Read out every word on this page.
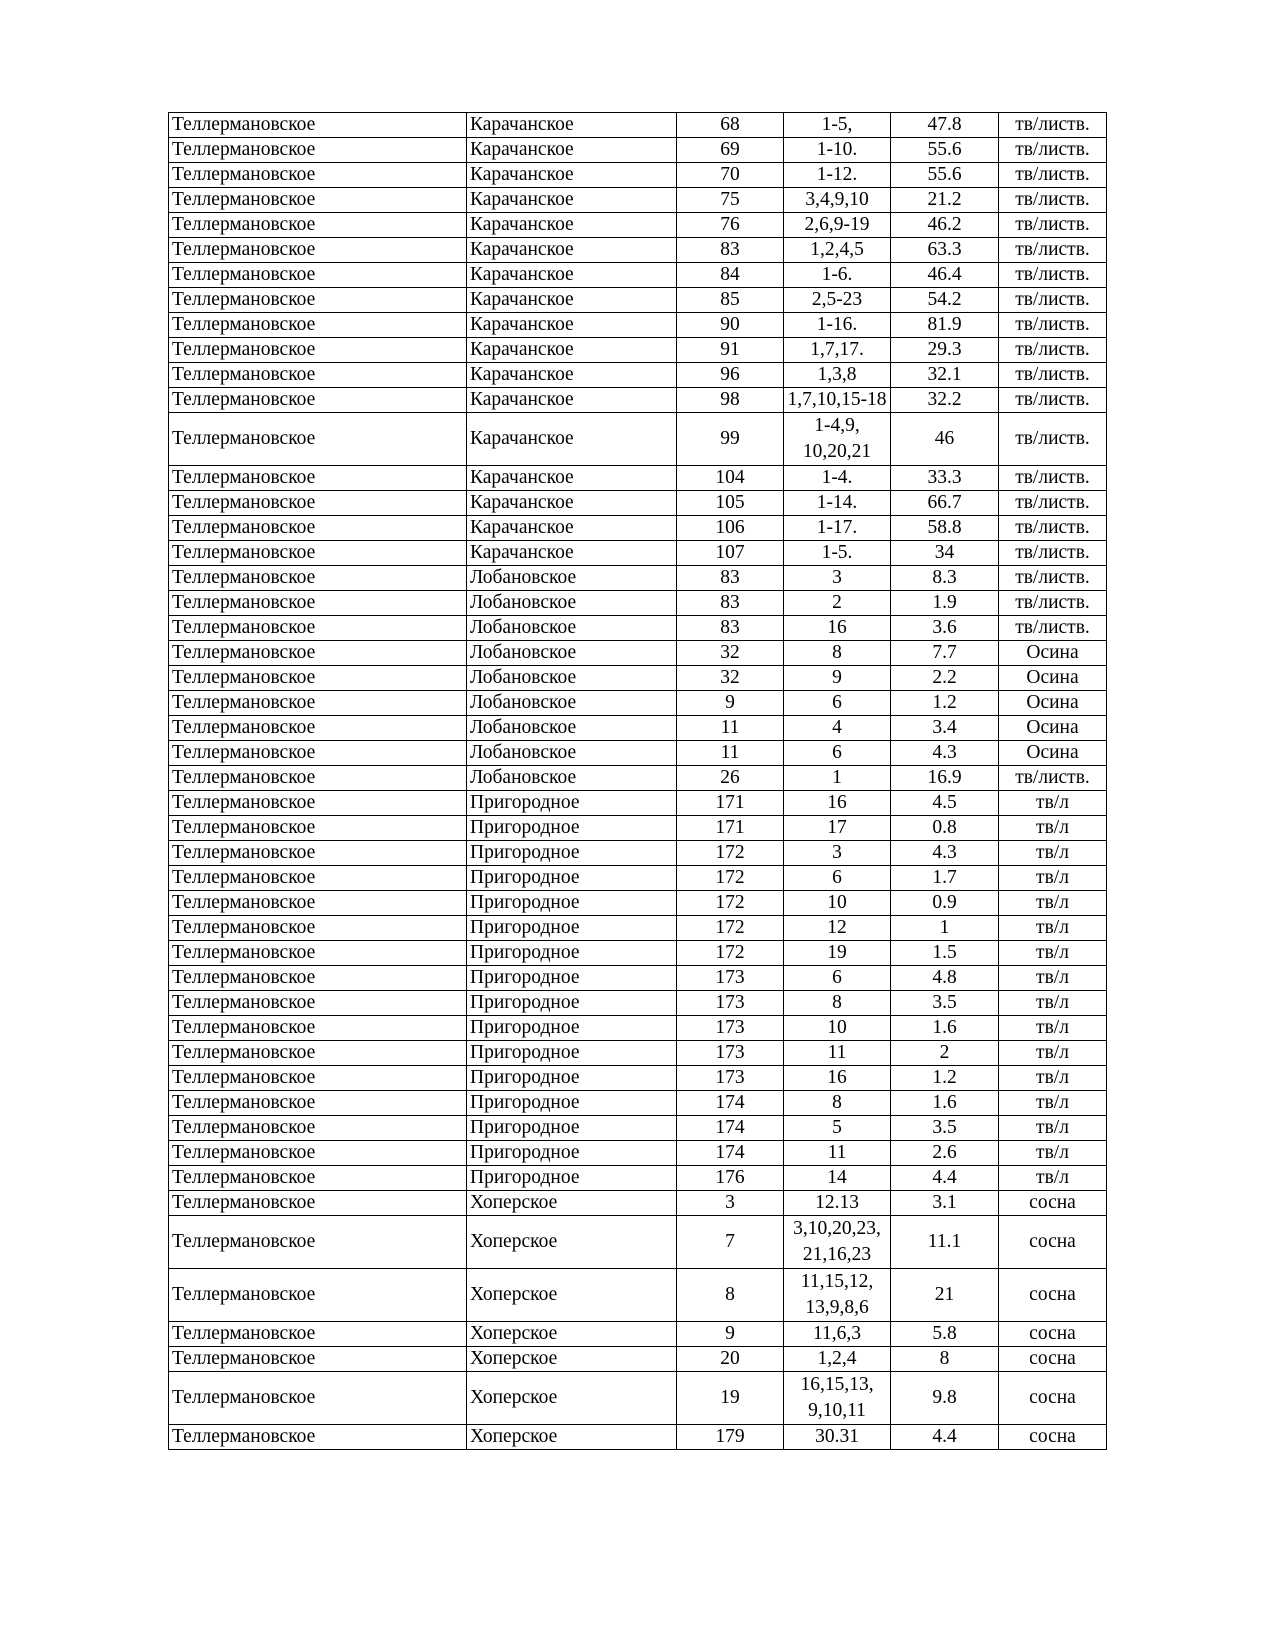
Теллермановское	Карачанское	68	1-5,	47.8	тв/листв.
Теллермановское	Карачанское	69	1-10.	55.6	тв/листв.
Теллермановское	Карачанское	70	1-12.	55.6	тв/листв.
Теллермановское	Карачанское	75	3,4,9,10	21.2	тв/листв.
Теллермановское	Карачанское	76	2,6,9-19	46.2	тв/листв.
Теллермановское	Карачанское	83	1,2,4,5	63.3	тв/листв.
Теллермановское	Карачанское	84	1-6.	46.4	тв/листв.
Теллермановское	Карачанское	85	2,5-23	54.2	тв/листв.
Теллермановское	Карачанское	90	1-16.	81.9	тв/листв.
Теллермановское	Карачанское	91	1,7,17.	29.3	тв/листв.
Теллермановское	Карачанское	96	1,3,8	32.1	тв/листв.
Теллермановское	Карачанское	98	1,7,10,15-18	32.2	тв/листв.
Теллермановское	Карачанское	99	1-4,9, 10,20,21	46	тв/листв.
Теллермановское	Карачанское	104	1-4.	33.3	тв/листв.
Теллермановское	Карачанское	105	1-14.	66.7	тв/листв.
Теллермановское	Карачанское	106	1-17.	58.8	тв/листв.
Теллермановское	Карачанское	107	1-5.	34	тв/листв.
Теллермановское	Лобановское	83	3	8.3	тв/листв.
Теллермановское	Лобановское	83	2	1.9	тв/листв.
Теллермановское	Лобановское	83	16	3.6	тв/листв.
Теллермановское	Лобановское	32	8	7.7	Осина
Теллермановское	Лобановское	32	9	2.2	Осина
Теллермановское	Лобановское	9	6	1.2	Осина
Теллермановское	Лобановское	11	4	3.4	Осина
Теллермановское	Лобановское	11	6	4.3	Осина
Теллермановское	Лобановское	26	1	16.9	тв/листв.
Теллермановское	Пригородное	171	16	4.5	тв/л
Теллермановское	Пригородное	171	17	0.8	тв/л
Теллермановское	Пригородное	172	3	4.3	тв/л
Теллермановское	Пригородное	172	6	1.7	тв/л
Теллермановское	Пригородное	172	10	0.9	тв/л
Теллермановское	Пригородное	172	12	1	тв/л
Теллермановское	Пригородное	172	19	1.5	тв/л
Теллермановское	Пригородное	173	6	4.8	тв/л
Теллермановское	Пригородное	173	8	3.5	тв/л
Теллермановское	Пригородное	173	10	1.6	тв/л
Теллермановское	Пригородное	173	11	2	тв/л
Теллермановское	Пригородное	173	16	1.2	тв/л
Теллермановское	Пригородное	174	8	1.6	тв/л
Теллермановское	Пригородное	174	5	3.5	тв/л
Теллермановское	Пригородное	174	11	2.6	тв/л
Теллермановское	Пригородное	176	14	4.4	тв/л
Теллермановское	Хоперское	3	12.13	3.1	сосна
Теллермановское	Хоперское	7	3,10,20,23, 21,16,23	11.1	сосна
Теллермановское	Хоперское	8	11,15,12, 13,9,8,6	21	сосна
Теллермановское	Хоперское	9	11,6,3	5.8	сосна
Теллермановское	Хоперское	20	1,2,4	8	сосна
Теллермановское	Хоперское	19	16,15,13, 9,10,11	9.8	сосна
Теллермановское	Хоперское	179	30.31	4.4	сосна
